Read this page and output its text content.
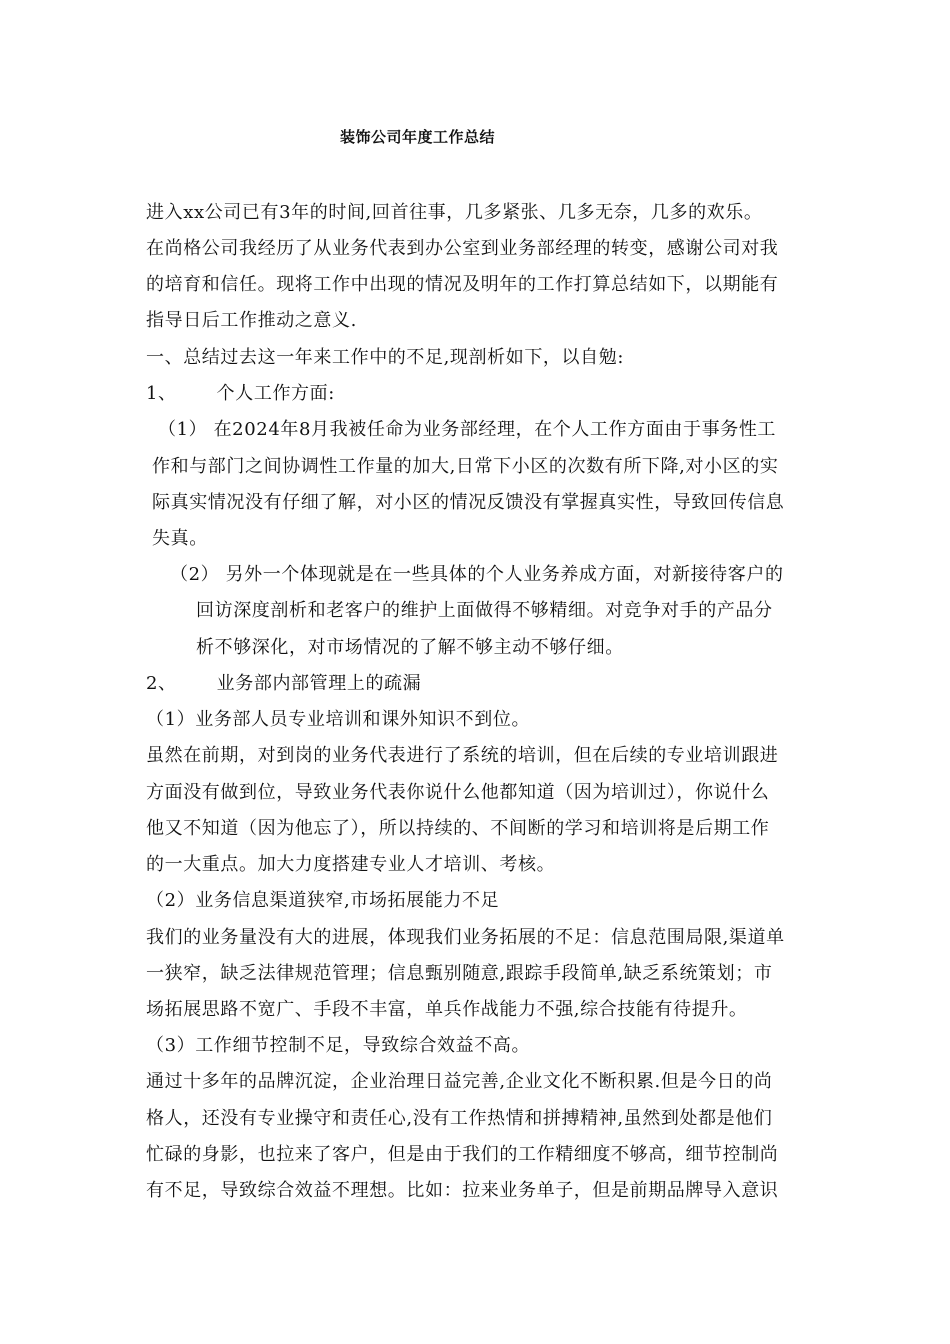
装饰公司年度工作总结
进入xx公司已有3年的时间,回首往事，几多紧张、几多无奈，几多的欢乐。
在尚格公司我经历了从业务代表到办公室到业务部经理的转变，感谢公司对我
的培育和信任。现将工作中出现的情况及明年的工作打算总结如下，以期能有
指导日后工作推动之意义.
一、总结过去这一年来工作中的不足,现剖析如下，以自勉:
1、 个人工作方面:
（1） 在2024年8月我被任命为业务部经理，在个人工作方面由于事务性工
作和与部门之间协调性工作量的加大,日常下小区的次数有所下降,对小区的实
际真实情况没有仔细了解，对小区的情况反馈没有掌握真实性，导致回传信息
失真。
（2） 另外一个体现就是在一些具体的个人业务养成方面，对新接待客户的
回访深度剖析和老客户的维护上面做得不够精细。对竞争对手的产品分
析不够深化，对市场情况的了解不够主动不够仔细。
2、 业务部内部管理上的疏漏
（1）业务部人员专业培训和课外知识不到位。
虽然在前期，对到岗的业务代表进行了系统的培训，但在后续的专业培训跟进
方面没有做到位，导致业务代表你说什么他都知道（因为培训过），你说什么
他又不知道（因为他忘了），所以持续的、不间断的学习和培训将是后期工作
的一大重点。加大力度搭建专业人才培训、考核。
（2）业务信息渠道狭窄,市场拓展能力不足
我们的业务量没有大的进展，体现我们业务拓展的不足：信息范围局限,渠道单
一狭窄，缺乏法律规范管理；信息甄别随意,跟踪手段简单,缺乏系统策划；市
场拓展思路不宽广、手段不丰富，单兵作战能力不强,综合技能有待提升。
（3）工作细节控制不足，导致综合效益不高。
通过十多年的品牌沉淀，企业治理日益完善,企业文化不断积累.但是今日的尚
格人，还没有专业操守和责任心,没有工作热情和拼搏精神,虽然到处都是他们
忙碌的身影，也拉来了客户，但是由于我们的工作精细度不够高，细节控制尚
有不足，导致综合效益不理想。比如：拉来业务单子，但是前期品牌导入意识
